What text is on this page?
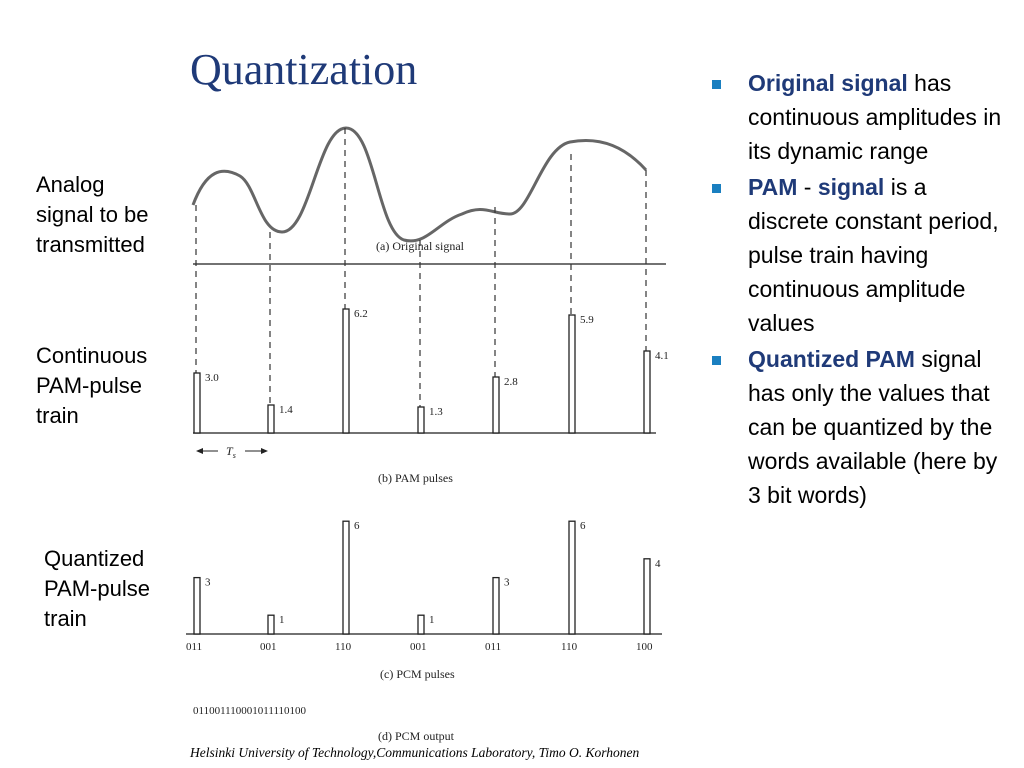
Quantization
Analog
signal to be
transmitted
Continuous
PAM-pulse
train
Quantized
PAM-pulse
train
(a) Original signal
3.0
1.4
6.2
1.3
2.8
5.9
4.1
$T_s$
(b) PAM pulses
3
011
1
001
6
110
1
001
3
011
6
110
4
100
(c) PCM pulses
011001110001011110100
(d) PCM output
Original signal has continuous amplitudes in its dynamic range
PAM - signal is a discrete constant period, pulse train having continuous amplitude values
Quantized PAM signal has only the values that can be quantized by the words available (here by 3 bit words)
Helsinki University of Technology,Communications Laboratory, Timo O. Korhonen
